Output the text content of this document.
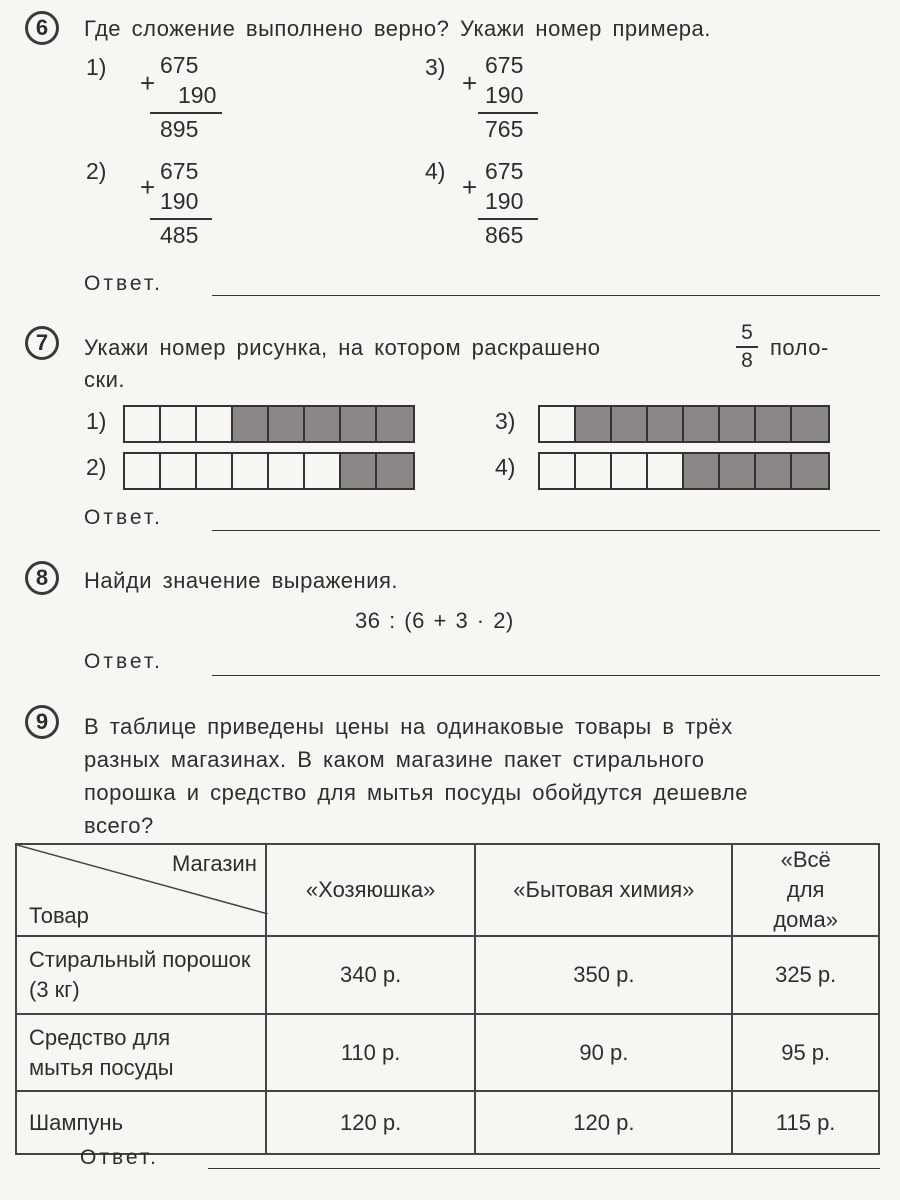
6	Где сложение выполнено верно? Укажи номер примера.
1) 675
+ 190
895
2) 675
+ 190
485
3) 675
+ 190
765
4) 675
+ 190
865
Ответ.
7	Укажи номер рисунка, на котором раскрашено
5
8
поло-
ски.
1)
2)
3)
4)
Ответ.
8	Найди значение выражения.
36 : (6 + 3 · 2)
Ответ.
9	В таблице приведены цены на одинаковые товары в трёх
разных магазинах. В каком магазине пакет стирального
порошка и средство для мытья посуды обойдутся дешевле
всего?
Магазин
Товар	«Хозяюшка»	«Бытовая химия»	«Всё для дома»
Стиральный порошок (3 кг)	340 р.	350 р.	325 р.
Средство для мытья посуды	110 р.	90 р.	95 р.
Шампунь	120 р.	120 р.	115 р.
Ответ.
